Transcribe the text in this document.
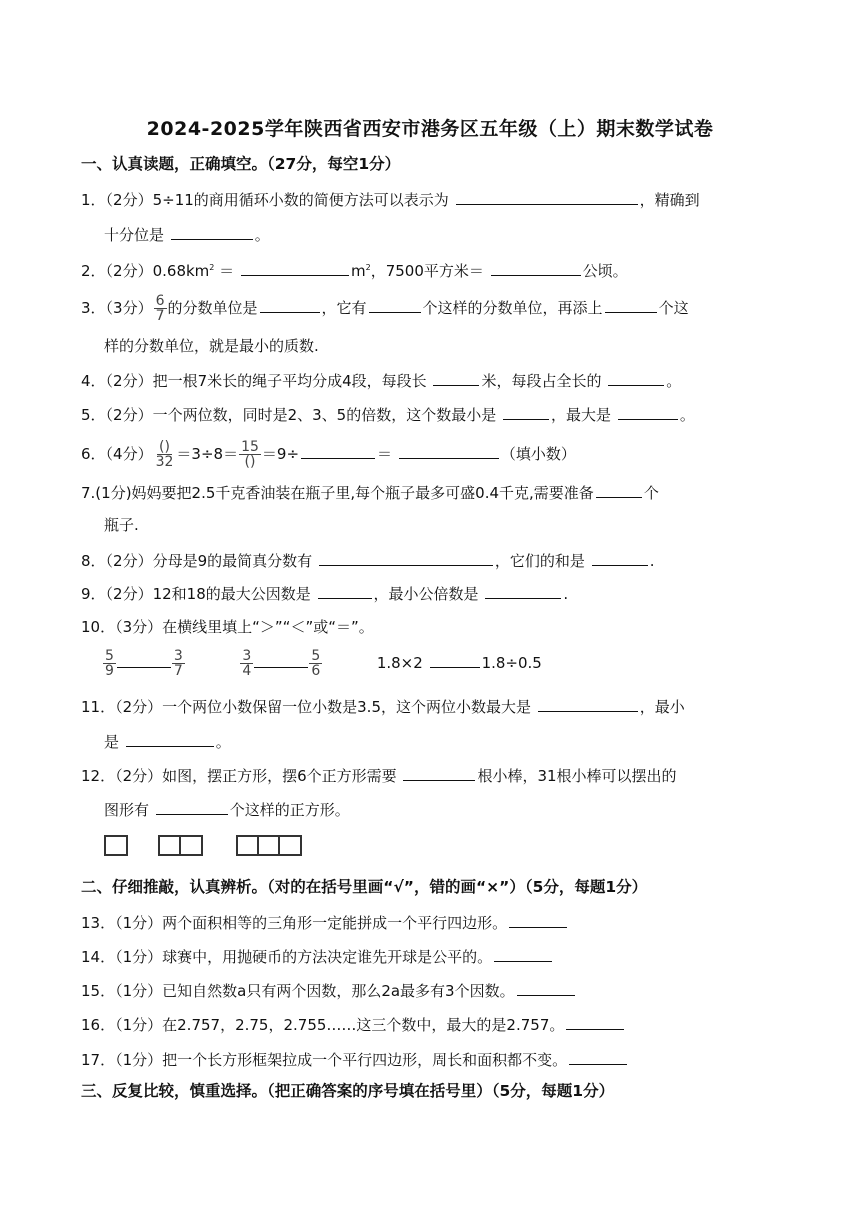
2024-2025学年陕西省西安市港务区五年级（上）期末数学试卷
一、认真读题，正确填空。（27分，每空1分）
1．（2分）5÷11的商用循环小数的简便方法可以表示为	，精确到
十分位是	。
2．（2分）$0.68km^2$ ＝	$m^2$，7500平方米＝	公顷。
3．（3分） $\frac{6}{7}$ 的分数单位是	，它有	个这样的分数单位，再添上	个这
样的分数单位，就是最小的质数.
4．（2分）把一根7米长的绳子平均分成4段，每段长	米，每段占全长的	。
5．（2分）一个两位数，同时是2、3、5的倍数，这个数最小是	，最大是	。
6．（4分） $\frac{()}{32} =3\div 8= \frac{15}{()} =9\div$	＝	（填小数）
7.(1分)妈妈要把2.5千克香油装在瓶子里,每个瓶子最多可盛0.4千克,需要准备	个
瓶子.
8．（2分）分母是9的最简真分数有	，它们的和是	.
9．（2分）12和18的最大公因数是	，最小公倍数是	.
10．（3分）在横线里填上“＞”“＜”或“＝”。
$\frac{5}{9}$	$\frac{3}{7}$
	$\frac{3}{4}$	$\frac{5}{6}$	1.8×2	1.8÷0.5
11．（2分）一个两位小数保留一位小数是3.5，这个两位小数最大是	，最小
是	。
12．（2分）如图，摆正方形，摆6个正方形需要	根小棒，31根小棒可以摆出的
图形有	个这样的正方形。
二、仔细推敲，认真辨析。（对的在括号里画“√”，错的画“×”）（5分，每题1分）
13．（1分）两个面积相等的三角形一定能拼成一个平行四边形。
14．（1分）球赛中，用抛硬币的方法决定谁先开球是公平的。
15．（1分）已知自然数a只有两个因数，那么2a最多有3个因数。
16．（1分）在2.757，2.75，2.755……这三个数中，最大的是2.757。
17．（1分）把一个长方形框架拉成一个平行四边形，周长和面积都不变。
三、反复比较，慎重选择。（把正确答案的序号填在括号里）（5分，每题1分）
